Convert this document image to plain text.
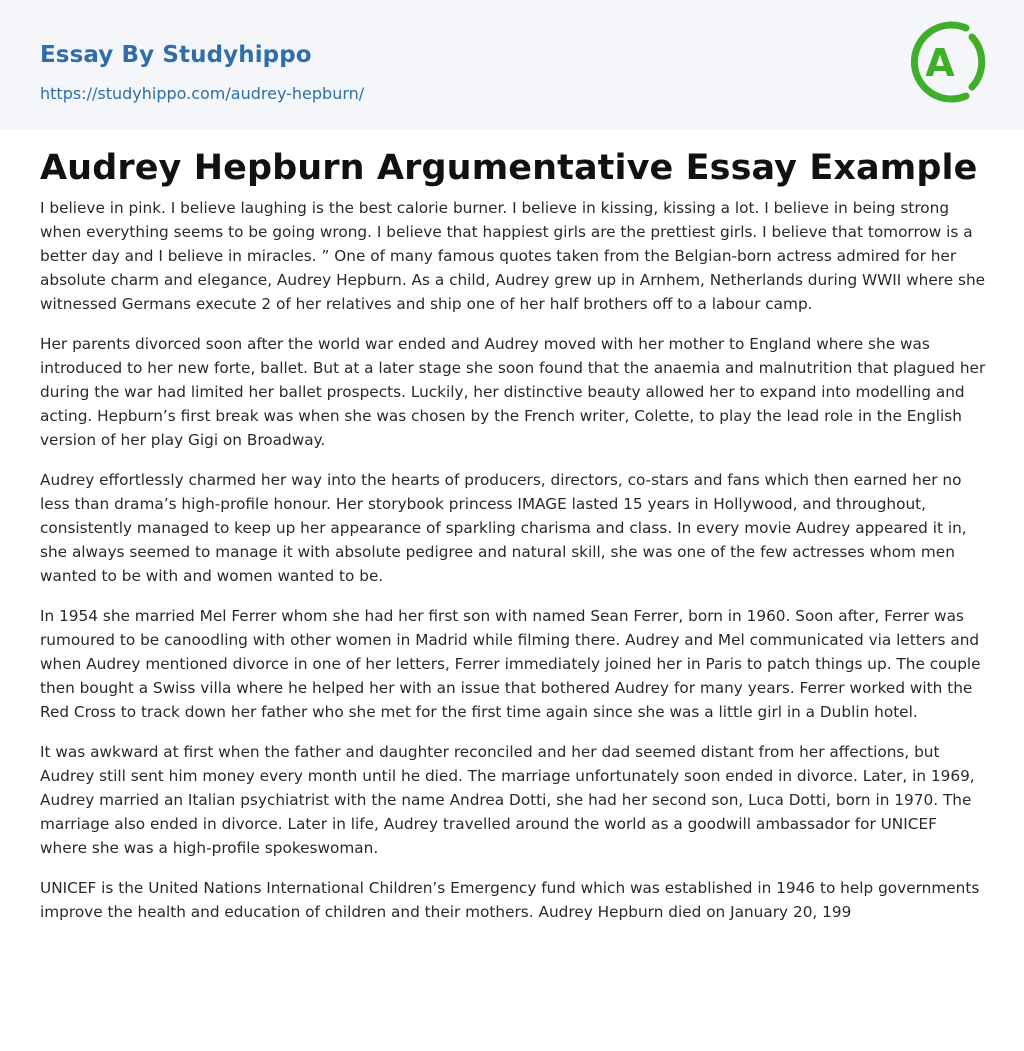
Essay By Studyhippo
https://studyhippo.com/audrey-hepburn/
A
Audrey Hepburn Argumentative Essay Example

I believe in pink. I believe laughing is the best calorie burner. I believe in kissing, kissing a lot. I believe in being strong when everything seems to be going wrong. I believe that happiest girls are the prettiest girls. I believe that tomorrow is a better day and I believe in miracles. ” One of many famous quotes taken from the Belgian-born actress admired for her absolute charm and elegance, Audrey Hepburn. As a child, Audrey grew up in Arnhem, Netherlands during WWII where she witnessed Germans execute 2 of her relatives and ship one of her half brothers off to a labour camp.

Her parents divorced soon after the world war ended and Audrey moved with her mother to England where she was introduced to her new forte, ballet. But at a later stage she soon found that the anaemia and malnutrition that plagued her during the war had limited her ballet prospects. Luckily, her distinctive beauty allowed her to expand into modelling and acting. Hepburn’s first break was when she was chosen by the French writer, Colette, to play the lead role in the English version of her play Gigi on Broadway.

Audrey effortlessly charmed her way into the hearts of producers, directors, co-stars and fans which then earned her no less than drama’s high-profile honour. Her storybook princess IMAGE lasted 15 years in Hollywood, and throughout, consistently managed to keep up her appearance of sparkling charisma and class. In every movie Audrey appeared it in, she always seemed to manage it with absolute pedigree and natural skill, she was one of the few actresses whom men wanted to be with and women wanted to be.

In 1954 she married Mel Ferrer whom she had her first son with named Sean Ferrer, born in 1960. Soon after, Ferrer was rumoured to be canoodling with other women in Madrid while filming there. Audrey and Mel communicated via letters and when Audrey mentioned divorce in one of her letters, Ferrer immediately joined her in Paris to patch things up. The couple then bought a Swiss villa where he helped her with an issue that bothered Audrey for many years. Ferrer worked with the Red Cross to track down her father who she met for the first time again since she was a little girl in a Dublin hotel.

It was awkward at first when the father and daughter reconciled and her dad seemed distant from her affections, but Audrey still sent him money every month until he died. The marriage unfortunately soon ended in divorce. Later, in 1969, Audrey married an Italian psychiatrist with the name Andrea Dotti, she had her second son, Luca Dotti, born in 1970. The marriage also ended in divorce. Later in life, Audrey travelled around the world as a goodwill ambassador for UNICEF where she was a high-profile spokeswoman.

UNICEF is the United Nations International Children’s Emergency fund which was established in 1946 to help governments improve the health and education of children and their mothers. Audrey Hepburn died on January 20, 199
